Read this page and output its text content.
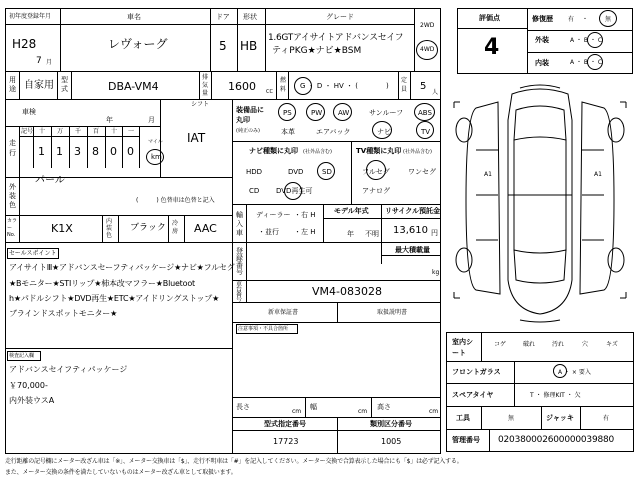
初年度登録年月
H28
7 月
車名
レヴォーグ
ドア
5
形状
HB
グレード
1.6GTアイサイトアドバンスセイフ
ティPKG★ナビ★BSM
2WD
4WD
用途 自家用 型式	DBA-VM4
排気量
1600 CC
燃料 G ・ D ・ HV ・ (　　　　)
定員 5
人
車検
年	月
シフト
IAT
走行
記号 十 万 千 百 十 一
1 1 3 8 0 0
マイル
km
外装色
パール
(　　　) 色替車は色替と記入
カラーNo.	K1X
内装色
ブラック 冷房 AAC
セールスポイント
アイサイトⅢ★アドバンスセーフティパッケージ★ナビ★フルセグ
★Bモニター★STIリップ★柿本改マフラー★Bluetoot
h★パドルシフト★DVD再生★ETC★アイドリングストップ★
ブラインドスポットモニター★
検査記入欄
アドバンスセイフティパッケージ
￥70,000-
内外装ウスA
装備品に丸印
(純正のみ)
PS	PW AW	サンルーフ ABS
本革	エアバック	ナビ	TV
ナビ種類に丸印 (社外品含む)
HDD	DVD	SD
CD DVD再生可
TV種類に丸印 (社外品含む)
フルセグ	ワンセグ
アナログ
輸入車
ディーラー ・ 右 H
・並行 ・ 左 H
モデル年式
年 不明
リサイクル預託金
13,610 円
登録番号
最大積載量
kg
車台番号
VM4-083028
新車保証書	取扱説明書
注意事項・不具合箇所
長さ
cm
幅
cm
高さ
cm
型式指定番号
17723
類別区分番号
1005
評価点
4
修復歴	有 ・	無
外装	A ・ B ・ C
内装	A ・ B ・ C
A1	A1
室内シート
コゲ	破れ	汚れ	穴	キズ
フロントガラス	A ・ × 要入
スペアタイヤ	T ・ 修理KIT ・ 欠
工具	無	ジャッキ	有
管理番号 020380002600000039880
走行距離の記号欄にメーター改ざん車は「※」、メーター交換車は「$」、走行不明車は「#」を記入してください。メーター交換で合算表示した場合にも「$」は必ず記入する。
また、メーター交換の条件を満たしていないものはメーター改ざん車として取扱います。
